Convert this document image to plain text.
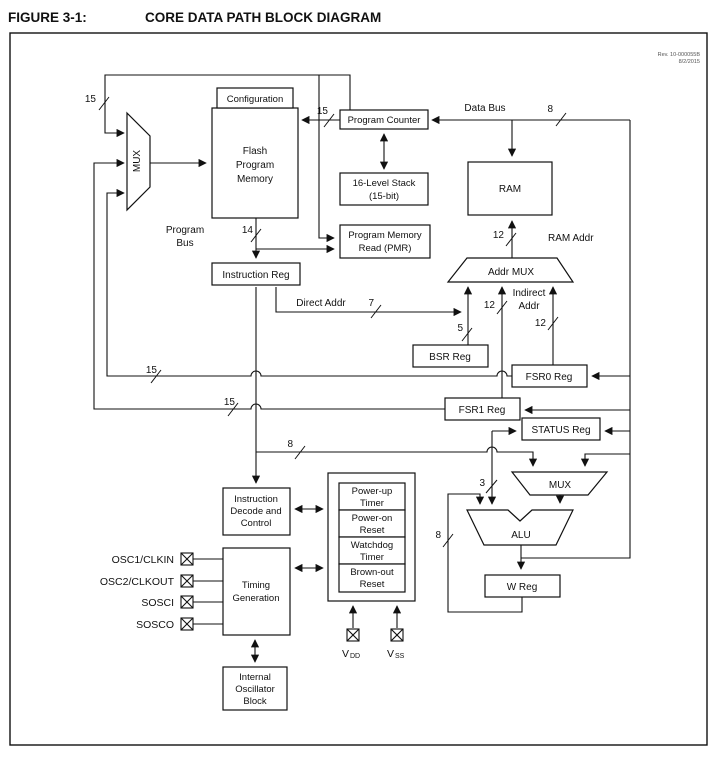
FIGURE 3-1:	CORE DATA PATH BLOCK DIAGRAM
Rev. 10-000055B
8/2/2015
15
15	8
14	12
7
5
12
12
15
15
8
3
8
Data Bus
Program
Bus	RAM Addr
Direct Addr
Indirect
Addr
Configuration
Flash
Program
Memory
MUX
Program Counter
16-Level Stack
(15-bit)
RAM
Program Memory
Read (PMR)
Instruction Reg	Addr MUX
BSR Reg
FSR0 Reg
FSR1 Reg
STATUS Reg
MUX
ALU
W Reg
Instruction
Decode and
Control
Timing
Generation
Power-up
Timer
Power-on
Reset
Watchdog
Timer
Brown-out
Reset
Internal
Oscillator
Block
OSC1/CLKIN
OSC2/CLKOUT
SOSCI
SOSCO
V DD	V SS
